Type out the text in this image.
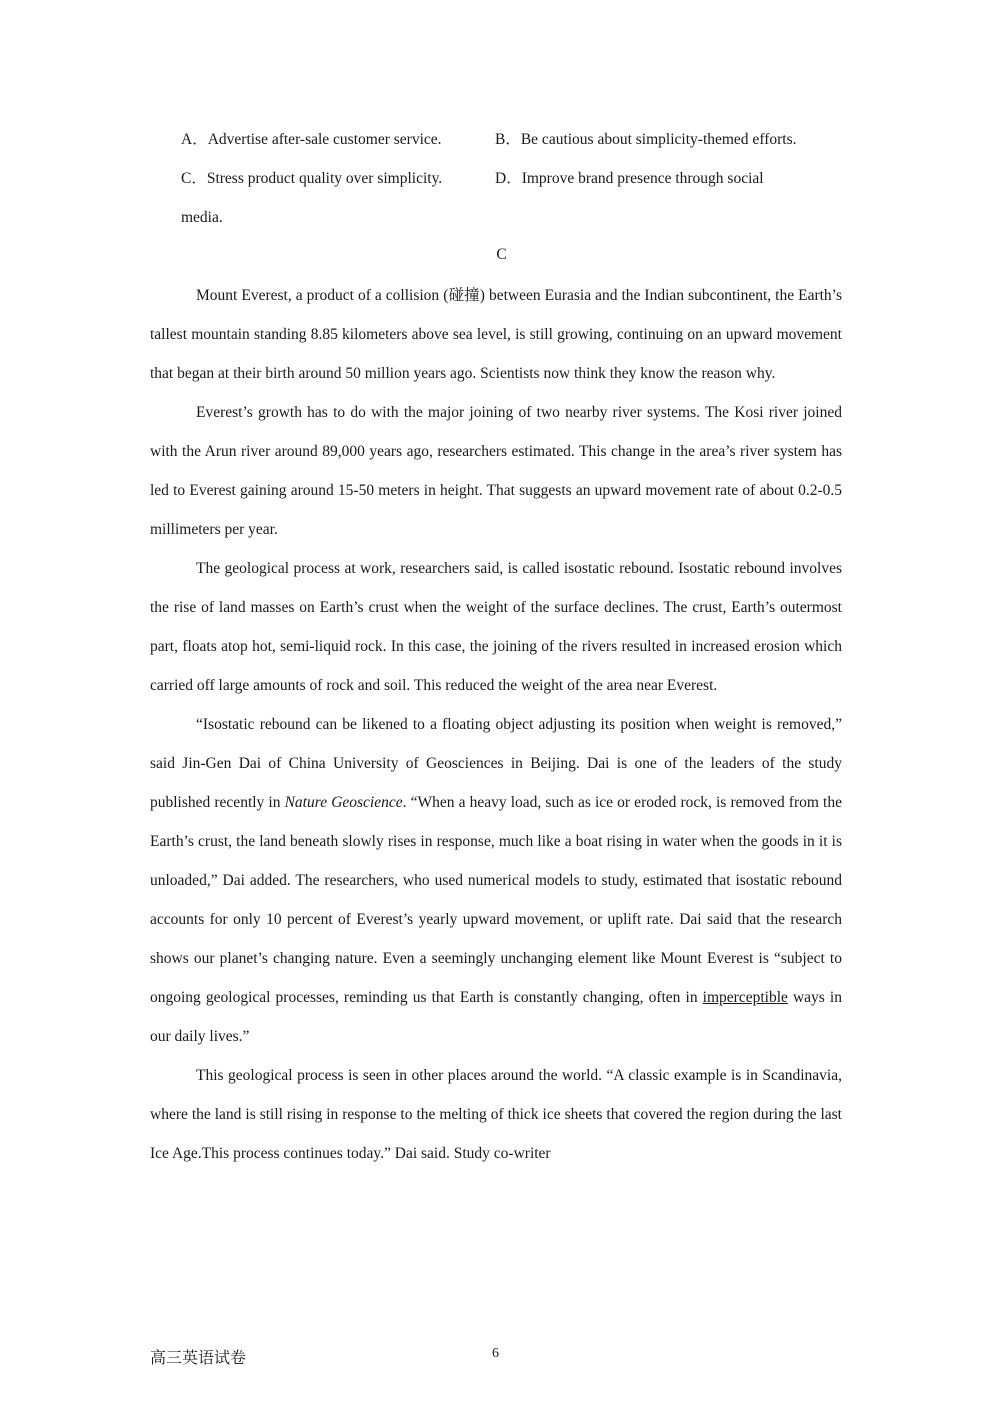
A．Advertise after-sale customer service.	B．Be cautious about simplicity-themed efforts.
C．Stress product quality over simplicity.	D．Improve brand presence through social
media.
C

Mount Everest, a product of a collision (碰撞) between Eurasia and the Indian subcontinent, the Earth’s tallest mountain standing 8.85 kilometers above sea level, is still growing, continuing on an upward movement that began at their birth around 50 million years ago. Scientists now think they know the reason why.

Everest’s growth has to do with the major joining of two nearby river systems. The Kosi river joined with the Arun river around 89,000 years ago, researchers estimated. This change in the area’s river system has led to Everest gaining around 15-50 meters in height. That suggests an upward movement rate of about 0.2-0.5 millimeters per year.

The geological process at work, researchers said, is called isostatic rebound. Isostatic rebound involves the rise of land masses on Earth’s crust when the weight of the surface declines. The crust, Earth’s outermost part, floats atop hot, semi-liquid rock. In this case, the joining of the rivers resulted in increased erosion which carried off large amounts of rock and soil. This reduced the weight of the area near Everest.

“Isostatic rebound can be likened to a floating object adjusting its position when weight is removed,” said Jin-Gen Dai of China University of Geosciences in Beijing. Dai is one of the leaders of the study published recently in Nature Geoscience. “When a heavy load, such as ice or eroded rock, is removed from the Earth’s crust, the land beneath slowly rises in response, much like a boat rising in water when the goods in it is unloaded,” Dai added. The researchers, who used numerical models to study, estimated that isostatic rebound accounts for only 10 percent of Everest’s yearly upward movement, or uplift rate. Dai said that the research shows our planet’s changing nature. Even a seemingly unchanging element like Mount Everest is “subject to ongoing geological processes, reminding us that Earth is constantly changing, often in imperceptible ways in our daily lives.”

This geological process is seen in other places around the world. “A classic example is in Scandinavia, where the land is still rising in response to the melting of thick ice sheets that covered the region during the last Ice Age.This process continues today.” Dai said. Study co-writer

高三英语试卷	6
